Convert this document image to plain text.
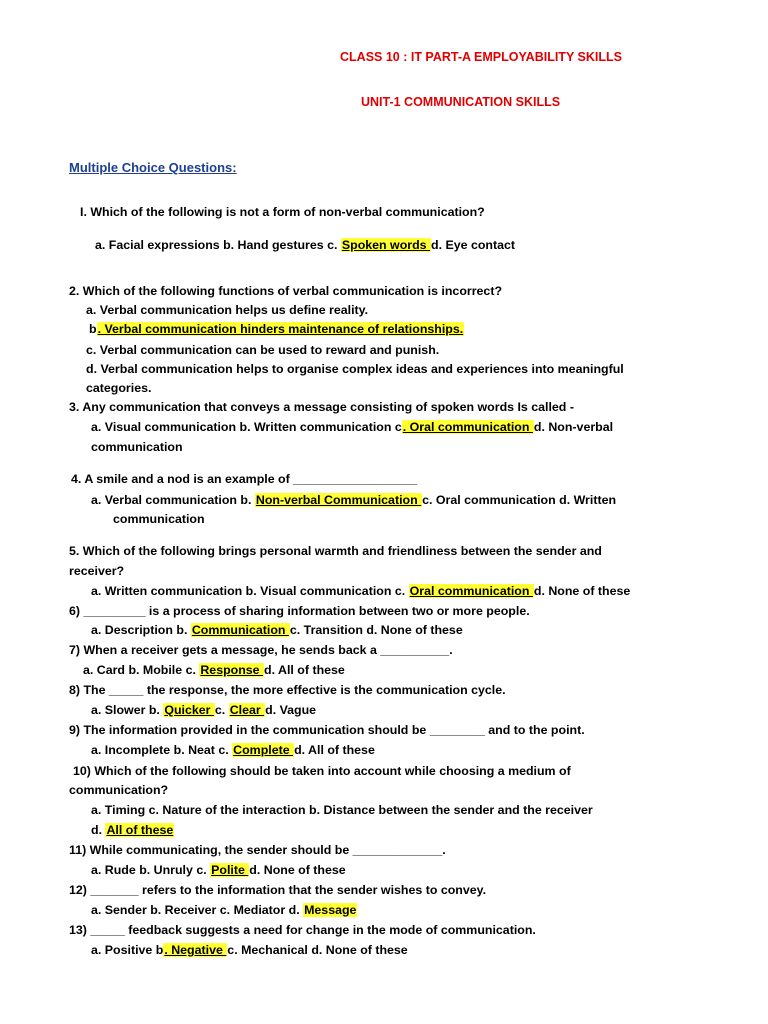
CLASS 10 : IT PART-A EMPLOYABILITY SKILLS
UNIT-1 COMMUNICATION SKILLS
Multiple Choice Questions:
I. Which of the following is not a form of non-verbal communication?
a. Facial expressions b. Hand gestures c. Spoken words d. Eye contact
2. Which of the following functions of verbal communication is incorrect?
a. Verbal communication helps us define reality.
b. Verbal communication hinders maintenance of relationships.
c. Verbal communication can be used to reward and punish.
d. Verbal communication helps to organise complex ideas and experiences into meaningful
categories.
3. Any communication that conveys a message consisting of spoken words Is called -
a. Visual communication b. Written communication c. Oral communication d. Non-verbal
communication
4. A smile and a nod is an example of __________________
a. Verbal communication b. Non-verbal Communication c. Oral communication d. Written
communication
5. Which of the following brings personal warmth and friendliness between the sender and
receiver?
a. Written communication b. Visual communication c. Oral communication d. None of these
6) _________ is a process of sharing information between two or more people.
a. Description b. Communication c. Transition d. None of these
7) When a receiver gets a message, he sends back a __________.
a. Card b. Mobile c. Response d. All of these
8) The _____ the response, the more effective is the communication cycle.
a. Slower b. Quicker c. Clear d. Vague
9) The information provided in the communication should be ________ and to the point.
a. Incomplete b. Neat c. Complete d. All of these
10) Which of the following should be taken into account while choosing a medium of
communication?
a. Timing c. Nature of the interaction b. Distance between the sender and the receiver
d. All of these
11) While communicating, the sender should be _____________.
a. Rude b. Unruly c. Polite d. None of these
12) _______ refers to the information that the sender wishes to convey.
a. Sender b. Receiver c. Mediator d. Message
13) _____ feedback suggests a need for change in the mode of communication.
a. Positive b. Negative c. Mechanical d. None of these
